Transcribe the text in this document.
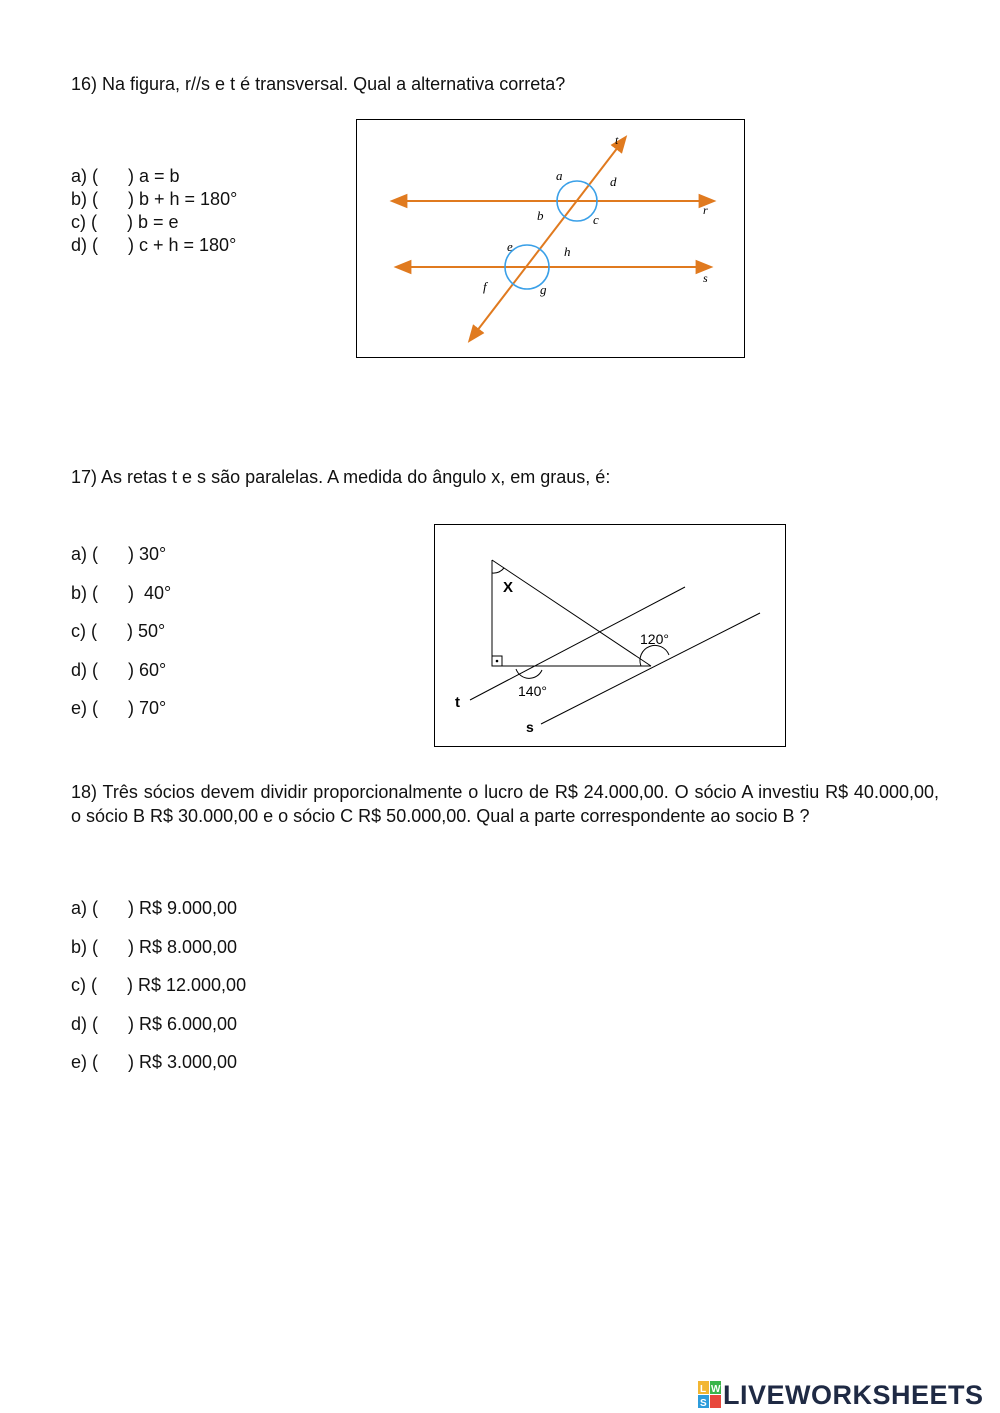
16) Na figura, r//s e t é transversal. Qual a alternativa correta?
a) ( ) a = b
b) ( ) b + h = 180°
c) ( ) b = e
d) ( ) c + h = 180°
t
r
s
a	d
b	c
e	h
f	g
17) As retas t e s são paralelas. A medida do ângulo x, em graus, é:
a) ( ) 30°
b) ( )  40°
c) ( ) 50°
d) ( ) 60°
e) ( ) 70°
X
120°
140°
t
s
18) Três sócios devem dividir proporcionalmente o lucro de R$ 24.000,00. O sócio A investiu R$ 40.000,00, o sócio B R$ 30.000,00 e o sócio C R$ 50.000,00. Qual a parte correspondente ao socio B ?
a) ( ) R$ 9.000,00
b) ( ) R$ 8.000,00
c) ( ) R$ 12.000,00
d) ( ) R$ 6.000,00
e) ( ) R$ 3.000,00
L W
S LIVEWORKSHEETS
